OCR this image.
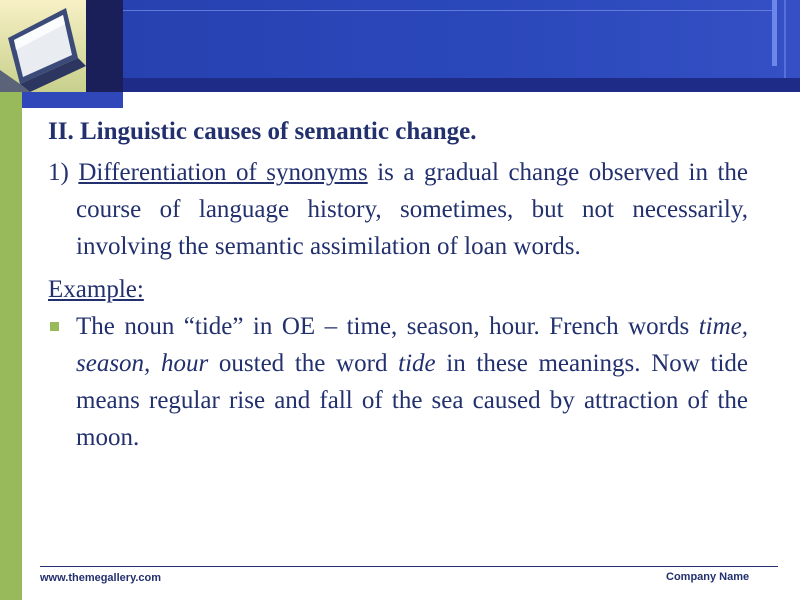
II. Linguistic causes of semantic change.

1) Differentiation of synonyms is a gradual change observed in the course of language history, sometimes, but not necessarily, involving the semantic assimilation of loan words.

Example:

The noun “tide” in OE – time, season, hour. French words time, season, hour ousted the word tide in these meanings. Now tide means regular rise and fall of the sea caused by attraction of the moon.

www.themegallery.com	Company Name
